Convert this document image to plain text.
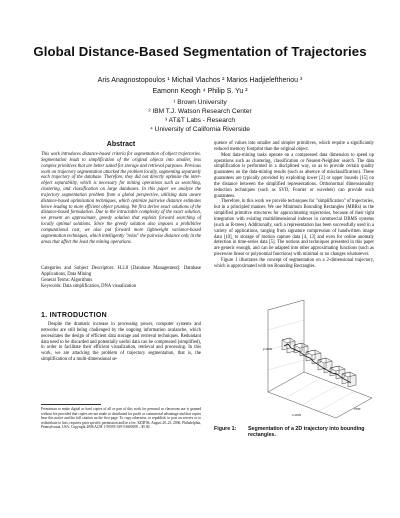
Global Distance-Based Segmentation of Trajectories
Aris Anagnostopoulos ¹ Michail Vlachos ² Marios Hadjieleftheriou ³
Eamonn Keogh ⁴ Philip S. Yu ²
¹ Brown University
² IBM T.J. Watson Research Center
³ AT&T Labs - Research
⁴ University of California Riverside
Abstract
This work introduces distance-based criteria for segmentation of object trajectories. Segmentation leads to simplification of the original objects into smaller, less complex primitives that are better suited for storage and retrieval purposes. Previous work on trajectory segmentation attacked the problem locally, segmenting separately each trajectory of the database. Therefore, they did not directly optimize the inter-object separability, which is necessary for mining operations such as searching, clustering, and classification on large databases. In this paper we analyze the trajectory segmentation problem from a global perspective, utilizing data aware distance-based optimization techniques, which optimize pairwise distance estimates hence leading to more efficient object pruning. We first derive exact solutions of the distance-based formulation. Due to the intractable complexity of the exact solution, we present an approximate, greedy solution that exploits forward searching of locally optimal solutions. Since the greedy solution also imposes a prohibitive computational cost, we also put forward more lightweight variance-based segmentation techniques, which intelligently "relax" the pairwise distance only in the areas that affect the least the mining operations.

Categories and Subject Descriptors: H.2.8 [Database Management]: Database Applications, Data Mining

General Terms: Algorithms

Keywords: Data simplification, DNA visualization

1. INTRODUCTION
Despite the dramatic increase in processing power, computer systems and networks are still being challenged by the ongoing information avalanche, which necessitates the design of efficient data storage and retrieval techniques. Redundant data need to be discarded and potentially useful data can be compressed (simplified), in order to facilitate their efficient visualization, retrieval and processing. In this work, we are attacking the problem of trajectory segmentation, that is, the simplification of a multi-dimensional se-
Permission to make digital or hard copies of all or part of this work for personal or classroom use is granted without fee provided that copies are not made or distributed for profit or commercial advantage and that copies bear this notice and the full citation on the first page. To copy otherwise, to republish, to post on servers or to redistribute to lists, requires prior specific permission and/or a fee. KDD'06, August 20–23, 2006, Philadelphia, Pennsylvania, USA. Copyright 2006 ACM 1-59593-339-5/06/0008 ...$5.00.

quence of values into smaller and simpler primitives, which require a significantly reduced memory footprint than the original object.

Most data-mining tasks operate on a compressed data dimension to speed up operations such as clustering, classification or Nearest-Neighbor search. The data simplification is performed in a disciplined way, so as to provide certain quality guarantees on the data-mining results (such as absence of misclassification). These guarantees are typically provided by exploiting lower [2] or upper bounds [15] on the distance between the simplified representations. Orthonormal dimensionality reduction techniques (such as SVD, Fourier or wavelets) can provide such guarantees.

Therefore, in this work we provide techniques for "simplification" of trajectories, but in a principled manner. We use Minimum Bounding Rectangles (MBRs) as the simplified primitive structures for approximating trajectories, because of their tight integration with existing multidimensional indexes in commercial DBMS systems (such as R-trees). Additionally, such a representation has been successfully used in a variety of applications, ranging from signature compression of handwritten image data [10], to storage of motion capture data [4, 13] and even for online anomaly detection in time-series data [5]. The notions and techniques presented in this paper are generic enough, and can be adapted into other approximating functions (such as piecewise linear or polynomial functions) with minimal or no changes whatsoever.

Figure 1 illustrates the concept of segmentation on a 2-dimensional trajectory, which is approximated with ten Bounding Rectangles.

y-axis
x-axis
time
Figure 1: Segmentation of a 2D trajectory into bounding rectangles.
